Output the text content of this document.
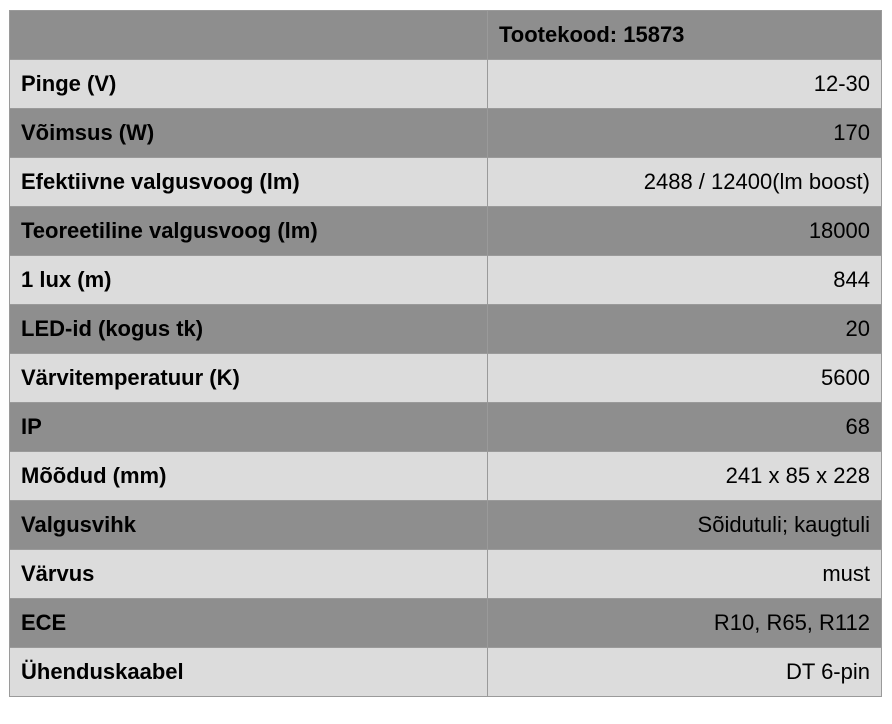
	Tootekood: 15873
Pinge (V)	12-30
Võimsus (W)	170
Efektiivne valgusvoog (lm)	2488 / 12400(lm boost)
Teoreetiline valgusvoog (lm)	18000
1 lux (m)	844
LED-id (kogus tk)	20
Värvitemperatuur (K)	5600
IP	68
Mõõdud (mm)	241 x 85 x 228
Valgusvihk	Sõidutuli; kaugtuli
Värvus	must
ECE	R10, R65, R112
Ühenduskaabel	DT 6-pin
